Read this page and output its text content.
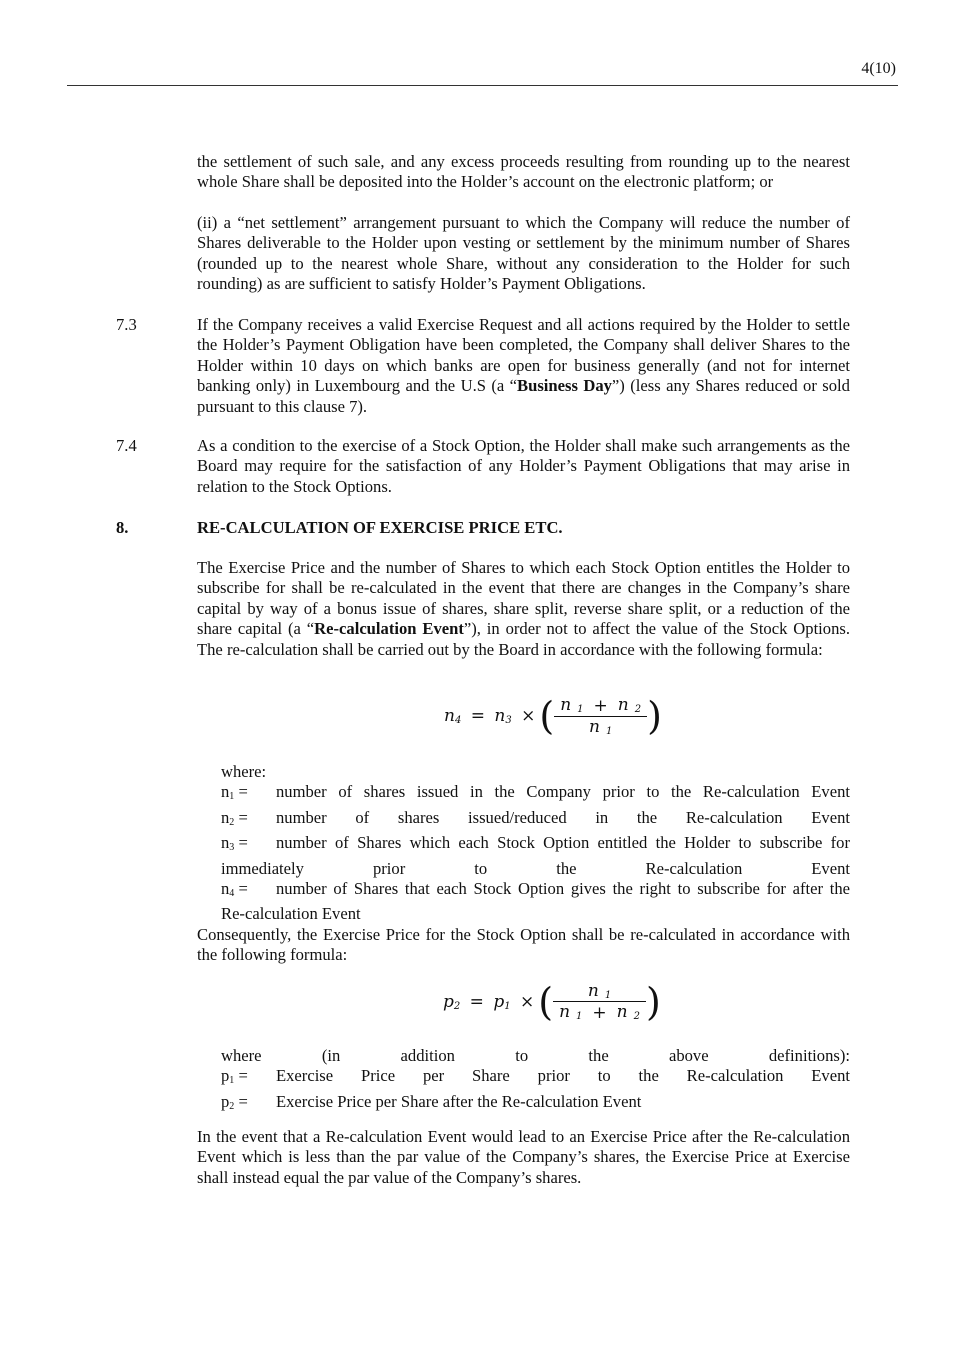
4(10)
the settlement of such sale, and any excess proceeds resulting from rounding up to the nearest whole Share shall be deposited into the Holder’s account on the electronic platform; or
(ii) a “net settlement” arrangement pursuant to which the Company will reduce the number of Shares deliverable to the Holder upon vesting or settlement by the minimum number of Shares (rounded up to the nearest whole Share, without any consideration to the Holder for such rounding) as are sufficient to satisfy Holder’s Payment Obligations.
7.3	If the Company receives a valid Exercise Request and all actions required by the Holder to settle the Holder’s Payment Obligation have been completed, the Company shall deliver Shares to the Holder within 10 days on which banks are open for business generally (and not for internet banking only) in Luxembourg and the U.S (a “Business Day”) (less any Shares reduced or sold pursuant to this clause 7).
7.4	As a condition to the exercise of a Stock Option, the Holder shall make such arrangements as the Board may require for the satisfaction of any Holder’s Payment Obligations that may arise in relation to the Stock Options.
8.	RE-CALCULATION OF EXERCISE PRICE ETC.
The Exercise Price and the number of Shares to which each Stock Option entitles the Holder to subscribe for shall be re-calculated in the event that there are changes in the Company’s share capital by way of a bonus issue of shares, share split, reverse share split, or a reduction of the share capital (a “Re-calculation Event”), in order not to affect the value of the Stock Options. The re-calculation shall be carried out by the Board in accordance with the following formula:
$n_4 = n_3$ × ( $\frac{n _1 + n _2}{n _1}$ )
where:
$n_1$ =	number of shares issued in the Company prior to the Re-calculation Event
$n_2$ =	number of shares issued/reduced in the Re-calculation Event
$n_3$ =	number of Shares which each Stock Option entitled the Holder to subscribe for
immediately prior to the Re-calculation Event
$n_4$ =	number of Shares that each Stock Option gives the right to subscribe for after the
Re-calculation Event
Consequently, the Exercise Price for the Stock Option shall be re-calculated in accordance with the following formula:
$p_2 = p_1$ × ( $\frac{n _1}{n _1 + n _2}$ )
where (in addition to the above definitions):
$p_1$ =	Exercise Price per Share prior to the Re-calculation Event
$p_2$ =	Exercise Price per Share after the Re-calculation Event
In the event that a Re-calculation Event would lead to an Exercise Price after the Re-calculation Event which is less than the par value of the Company’s shares, the Exercise Price at Exercise shall instead equal the par value of the Company’s shares.
